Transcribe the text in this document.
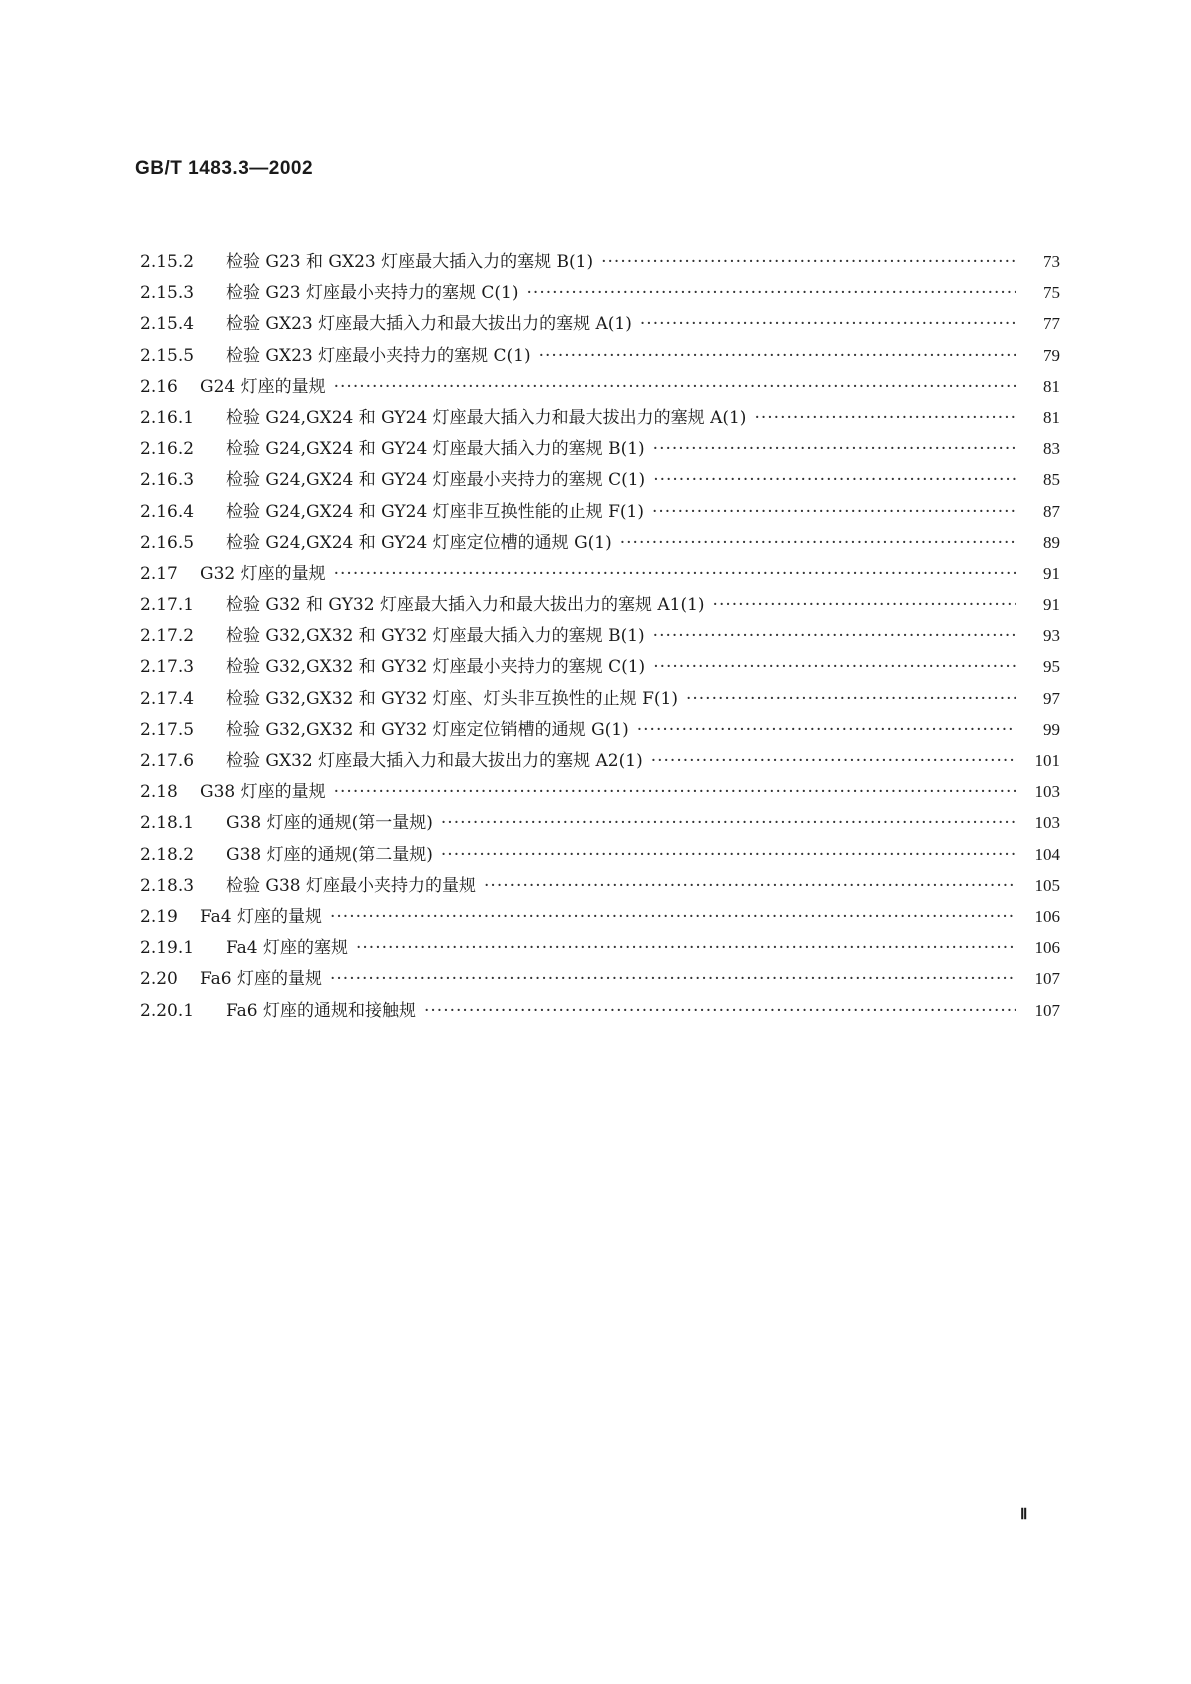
GB/T 1483.3—2002
2.15.2	检验 G23 和 GX23 灯座最大插入力的塞规 B(1) ·····	73
2.15.3	检验 G23 灯座最小夹持力的塞规 C(1) ·····	75
2.15.4	检验 GX23 灯座最大插入力和最大拔出力的塞规 A(1) ·····	77
2.15.5	检验 GX23 灯座最小夹持力的塞规 C(1) ·····	79
2.16	G24 灯座的量规 ·····	81
2.16.1	检验 G24,GX24 和 GY24 灯座最大插入力和最大拔出力的塞规 A(1) ·····	81
2.16.2	检验 G24,GX24 和 GY24 灯座最大插入力的塞规 B(1) ·····	83
2.16.3	检验 G24,GX24 和 GY24 灯座最小夹持力的塞规 C(1) ·····	85
2.16.4	检验 G24,GX24 和 GY24 灯座非互换性能的止规 F(1) ·····	87
2.16.5	检验 G24,GX24 和 GY24 灯座定位槽的通规 G(1) ·····	89
2.17	G32 灯座的量规 ·····	91
2.17.1	检验 G32 和 GY32 灯座最大插入力和最大拔出力的塞规 A1(1) ·····	91
2.17.2	检验 G32,GX32 和 GY32 灯座最大插入力的塞规 B(1) ·····	93
2.17.3	检验 G32,GX32 和 GY32 灯座最小夹持力的塞规 C(1) ·····	95
2.17.4	检验 G32,GX32 和 GY32 灯座、灯头非互换性的止规 F(1) ·····	97
2.17.5	检验 G32,GX32 和 GY32 灯座定位销槽的通规 G(1) ·····	99
2.17.6	检验 GX32 灯座最大插入力和最大拔出力的塞规 A2(1) ·····	101
2.18	G38 灯座的量规 ·····	103
2.18.1	G38 灯座的通规(第一量规) ·····	103
2.18.2	G38 灯座的通规(第二量规) ·····	104
2.18.3	检验 G38 灯座最小夹持力的量规 ·····	105
2.19	Fa4 灯座的量规 ·····	106
2.19.1	Fa4 灯座的塞规 ·····	106
2.20	Fa6 灯座的量规 ·····	107
2.20.1	Fa6 灯座的通规和接触规 ·····	107
Ⅱ
